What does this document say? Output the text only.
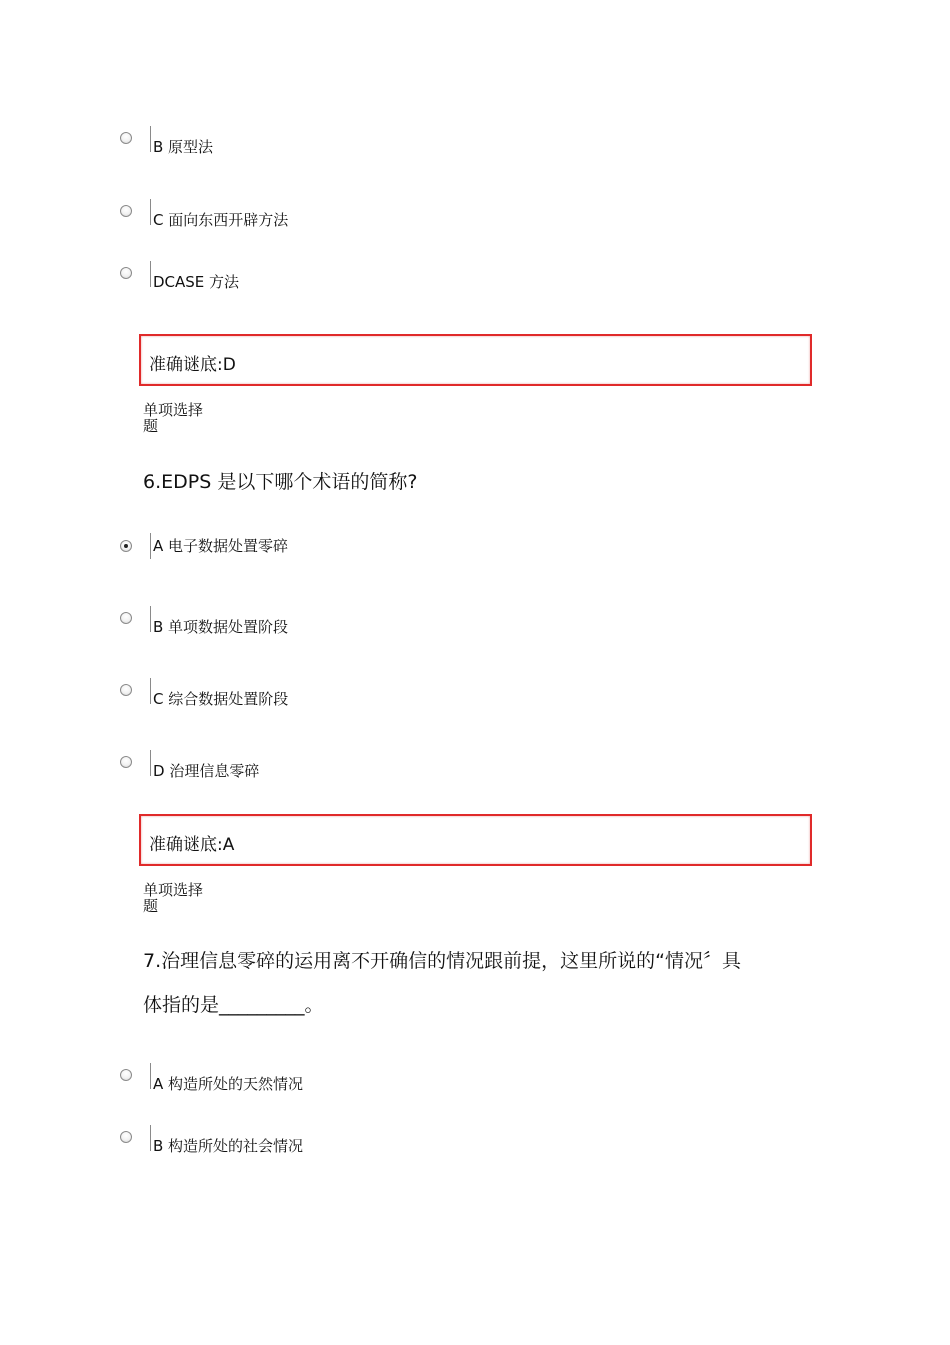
B 原型法
C 面向东西开辟方法
DCASE 方法
准确谜底:D
单项选择
题
6.EDPS 是以下哪个术语的简称?
A 电子数据处置零碎
B 单项数据处置阶段
C 综合数据处置阶段
D 治理信息零碎
准确谜底:A
单项选择
题
7.治理信息零碎的运用离不开确信的情况跟前提，这里所说的“情况〞具
体指的是_________。
A 构造所处的天然情况
B 构造所处的社会情况
